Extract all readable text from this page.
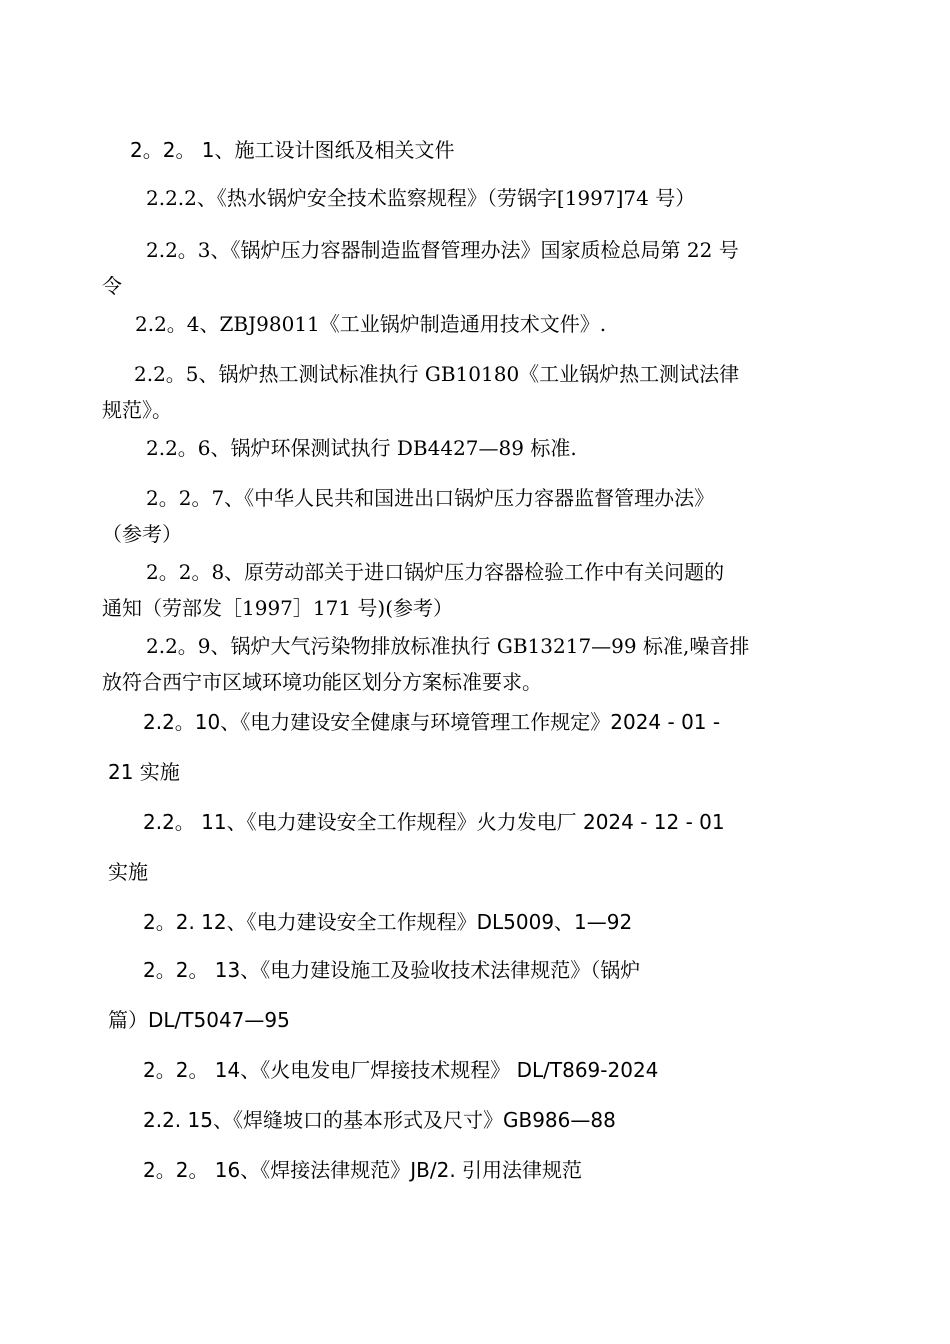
2。2。 1、施工设计图纸及相关文件

2.2.2、《热水锅炉安全技术监察规程》（劳锅字[1997]74 号）

2.2。3、《锅炉压力容器制造监督管理办法》国家质检总局第 22 号

令

2.2。4、ZBJ98011《工业锅炉制造通用技术文件》.

2.2。5、锅炉热工测试标准执行 GB10180《工业锅炉热工测试法律

规范》。

2.2。6、锅炉环保测试执行 DB4427—89 标准.

2。2。7、《中华人民共和国进出口锅炉压力容器监督管理办法》

（参考）

2。2。8、原劳动部关于进口锅炉压力容器检验工作中有关问题的

通知（劳部发［1997］171 号)(参考）

2.2。9、锅炉大气污染物排放标准执行 GB13217—99 标准,噪音排

放符合西宁市区域环境功能区划分方案标准要求。

2.2。10、《电力建设安全健康与环境管理工作规定》2024 - 01 -

21 实施

2.2。 11、《电力建设安全工作规程》火力发电厂 2024 - 12 - 01

实施

2。2. 12、《电力建设安全工作规程》DL5009、1—92

2。2。 13、《电力建设施工及验收技术法律规范》（锅炉

篇）DL/T5047—95

2。2。 14、《火电发电厂焊接技术规程》 DL/T869-2024

2.2. 15、《焊缝坡口的基本形式及尺寸》GB986—88

2。2。 16、《焊接法律规范》JB/2. 引用法律规范
